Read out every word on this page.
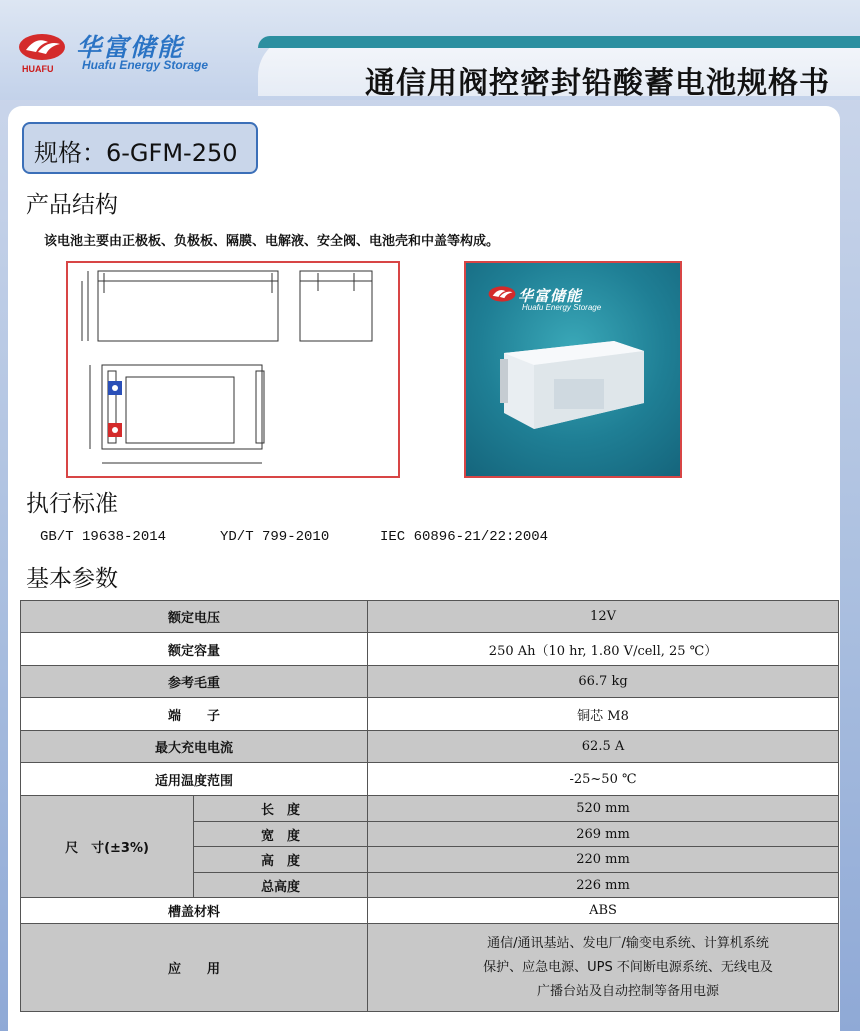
HUAFU
华富储能
Huafu Energy Storage
通信用阀控密封铅酸蓄电池规格书
规格：6-GFM-250
产品结构
该电池主要由正极板、负极板、隔膜、电解液、安全阀、电池壳和中盖等构成。
华富储能
Huafu Energy Storage
执行标准
GB/T 19638-2014	YD/T 799-2010	IEC 60896-21/22:2004
基本参数
额定电压		12V
额定容量		250 Ah（10 hr, 1.80 V/cell, 25 ℃）
参考毛重		66.7 kg
端　　子		铜芯 M8
最大充电电流		62.5 A
适用温度范围		-25~50 ℃
尺　寸(±3%)	长　度	520 mm
	宽　度	269 mm
	高　度	220 mm
	总高度	226 mm
槽盖材料		ABS
应　　用		通信/通讯基站、发电厂/输变电系统、计算机系统
保护、应急电源、UPS 不间断电源系统、无线电及
广播台站及自动控制等备用电源
